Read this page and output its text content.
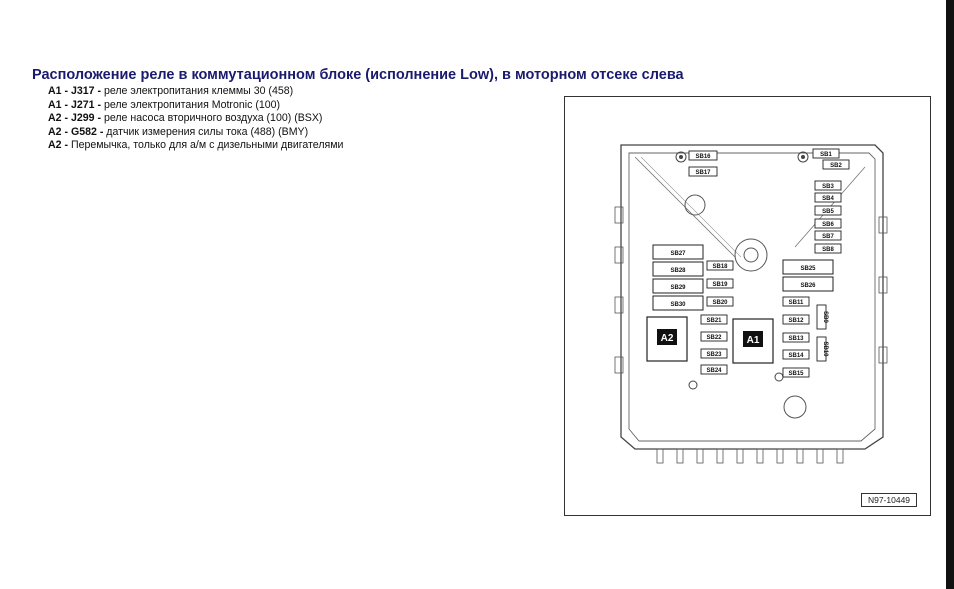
Расположение реле в коммутационном блоке (исполнение Low), в моторном отсеке слева
A1 - J317 - реле электропитания клеммы 30 (458)
A1 - J271 - реле электропитания Motronic (100)
A2 - J299 - реле насоса вторичного воздуха (100) (BSX)
A2 - G582 - датчик измерения силы тока (488) (BMY)
A2 - Перемычка, только для а/м с дизельными двигателями
SB1
SB2
SB3
SB4
SB5
SB6
SB7
SB8
SB16
SB17
SB27
SB28
SB29
SB30
SB18
SB19
SB20
SB21
SB22
SB23
SB24
SB25
SB26
SB11
SB12
SB13
SB14
SB15
SB9
SB10
A2	A1
N97-10449
